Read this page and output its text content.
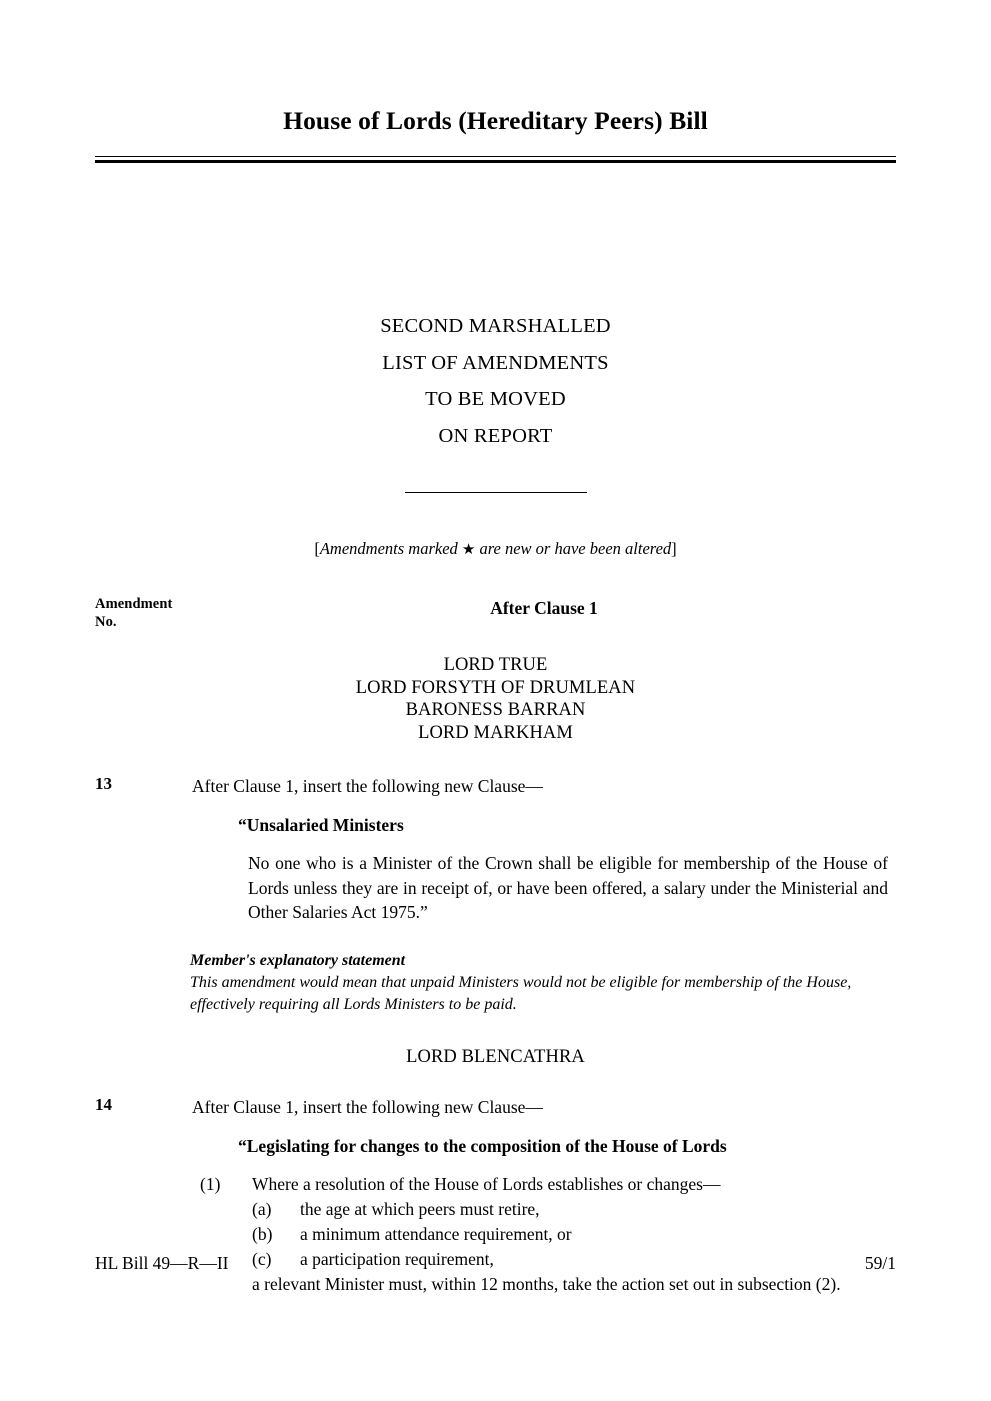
House of Lords (Hereditary Peers) Bill
SECOND MARSHALLED
LIST OF AMENDMENTS
TO BE MOVED
ON REPORT
[Amendments marked ★ are new or have been altered]
Amendment
No.
After Clause 1
LORD TRUE
LORD FORSYTH OF DRUMLEAN
BARONESS BARRAN
LORD MARKHAM
13	After Clause 1, insert the following new Clause—
“Unsalaried Ministers
No one who is a Minister of the Crown shall be eligible for membership of the House of Lords unless they are in receipt of, or have been offered, a salary under the Ministerial and Other Salaries Act 1975.”
Member's explanatory statement
This amendment would mean that unpaid Ministers would not be eligible for membership of the House, effectively requiring all Lords Ministers to be paid.
LORD BLENCATHRA
14	After Clause 1, insert the following new Clause—
“Legislating for changes to the composition of the House of Lords
(1)	Where a resolution of the House of Lords establishes or changes—
(a)	the age at which peers must retire,
(b)	a minimum attendance requirement, or
(c)	a participation requirement,
a relevant Minister must, within 12 months, take the action set out in subsection (2).
HL Bill 49—R—II	59/1
